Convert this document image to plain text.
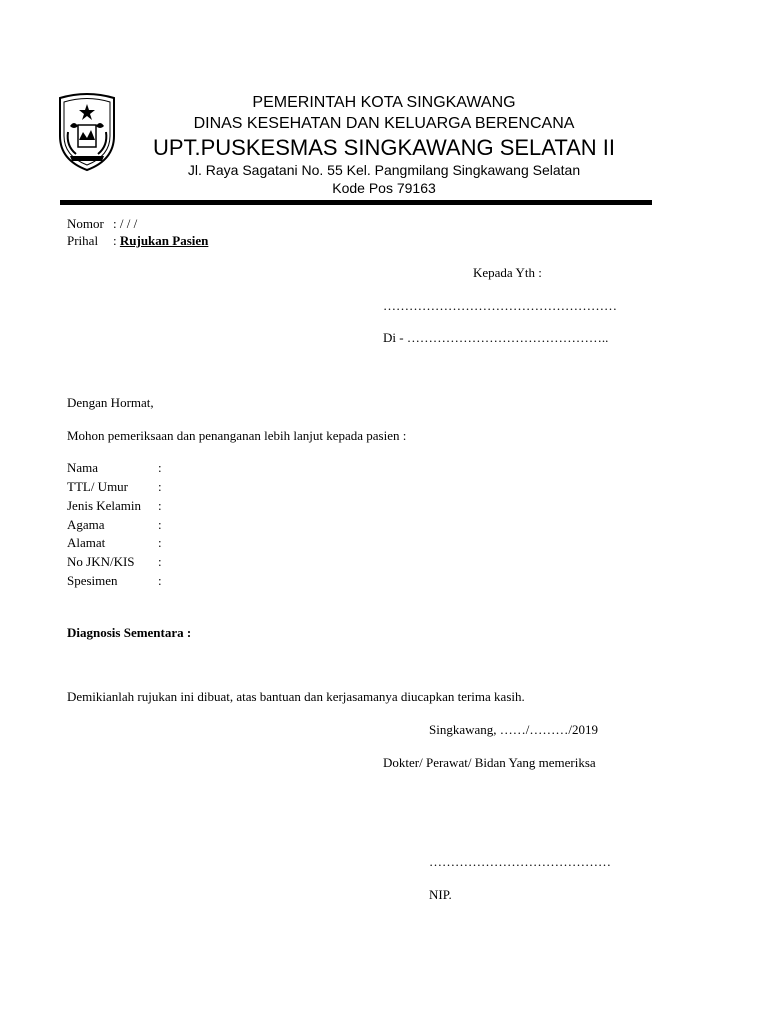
PEMERINTAH KOTA SINGKAWANG
DINAS KESEHATAN DAN KELUARGA BERENCANA
UPT.PUSKESMAS SINGKAWANG SELATAN II
Jl. Raya Sagatani No. 55 Kel. Pangmilang Singkawang Selatan
Kode Pos 79163
Nomor : / / /
Prihal : Rujukan Pasien
Kepada Yth :
………………………………………………
Di - ………………………………………..
Dengan Hormat,
Mohon pemeriksaan dan penanganan lebih lanjut kepada pasien :
Nama	:
TTL/ Umur :
Jenis Kelamin :
Agama	:
Alamat	:
No JKN/KIS :
Spesimen	:
Diagnosis Sementara :
Demikianlah rujukan ini dibuat, atas bantuan dan kerjasamanya diucapkan terima kasih.
Singkawang, ……/………/2019
Dokter/ Perawat/ Bidan Yang memeriksa
……………………………………
NIP.
